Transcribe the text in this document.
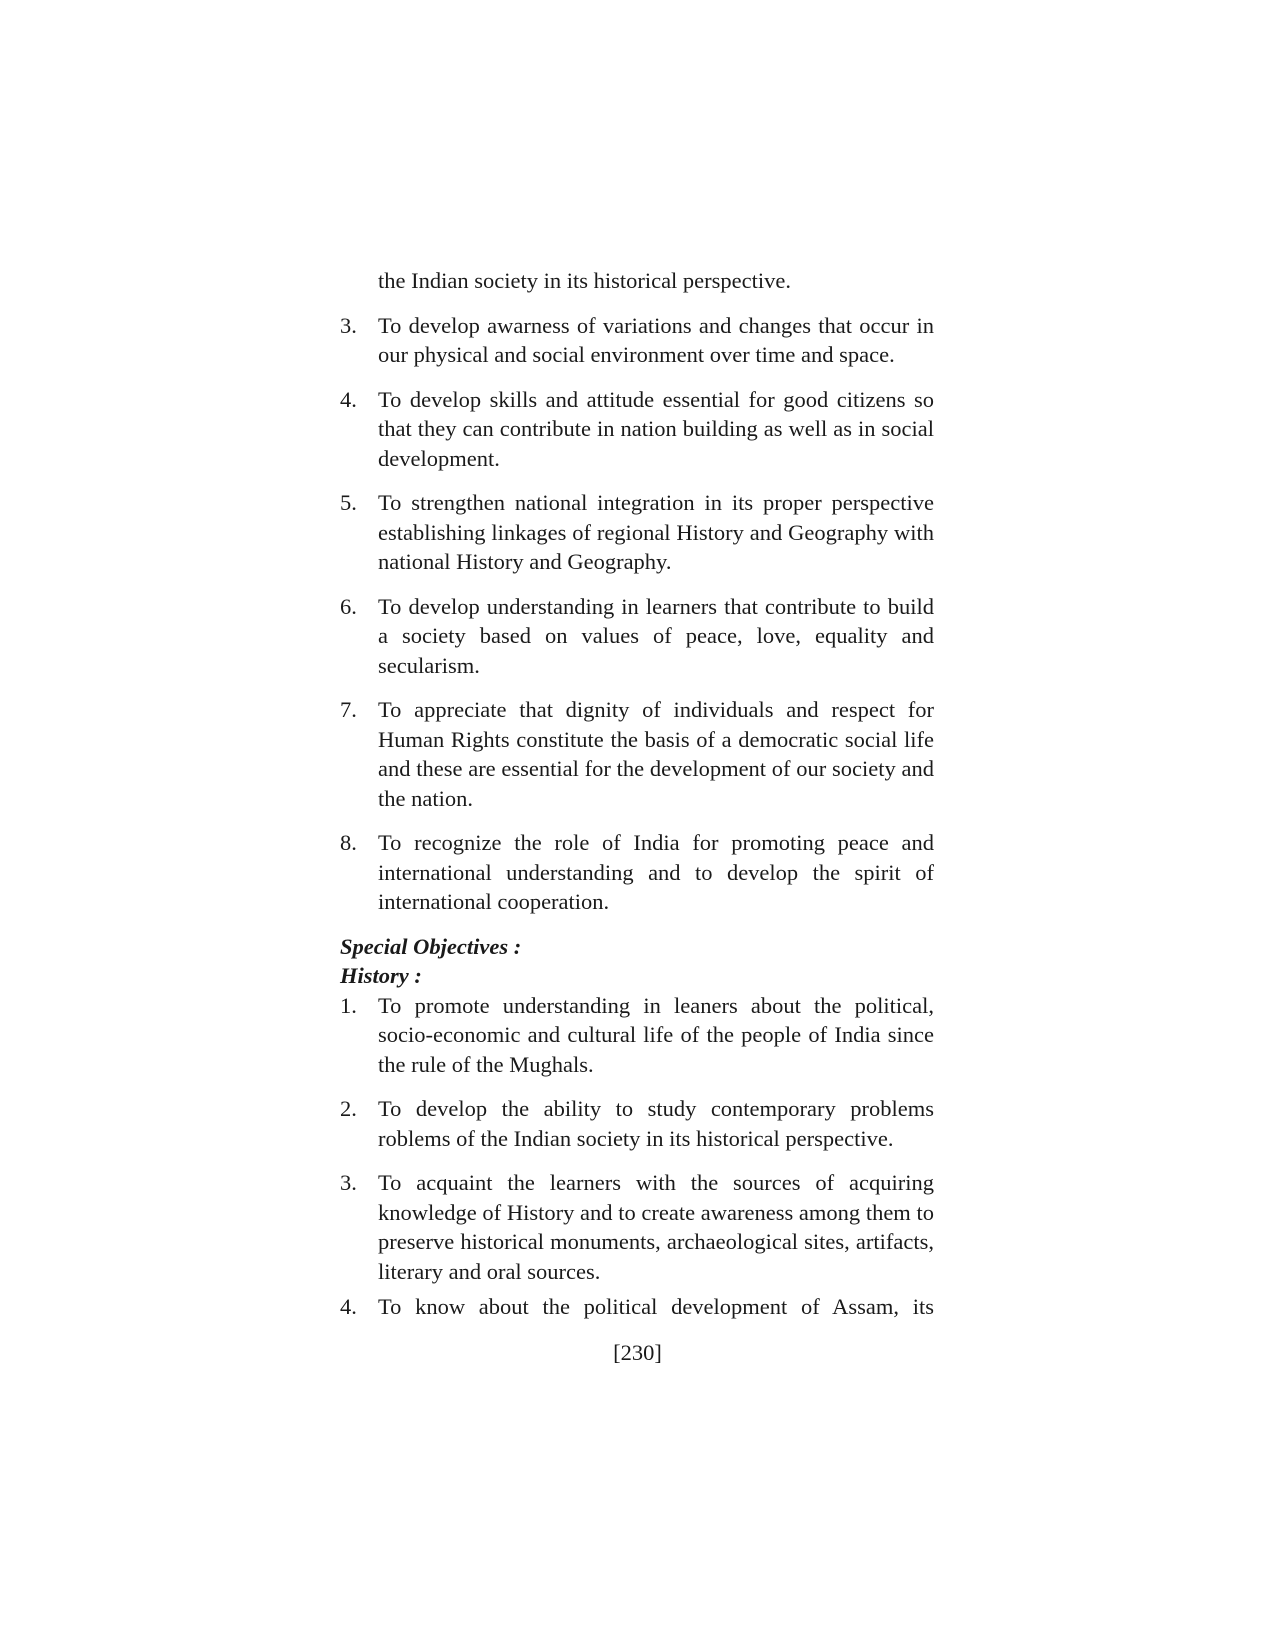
the Indian society in its historical perspective.

3. To develop awarness of variations and changes that occur in our physical and social environment over time and space.
4. To develop skills and attitude essential for good citizens so that they can contribute in nation building as well as in social development.
5. To strengthen national integration in its proper perspective establishing linkages of regional History and Geography with national History and Geography.
6. To develop understanding in learners that contribute to build a society based on values of peace, love, equality and secularism.
7. To appreciate that dignity of individuals and respect for Human Rights constitute the basis of a democratic social life and these are essential for the development of our society and the nation.
8. To recognize the role of India for promoting peace and international understanding and to develop the spirit of international cooperation.

Special Objectives :

History :

1. To promote understanding in leaners about the political, socio-economic and cultural life of the people of India since the rule of the Mughals.
2. To develop the ability to study contemporary problems roblems of the Indian society in its historical perspective.
3. To acquaint the learners with the sources of acquiring knowledge of History and to create awareness among them to preserve historical monuments, archaeological sites, artifacts, literary and oral sources.
4. To know about the political development of Assam, its
[230]
